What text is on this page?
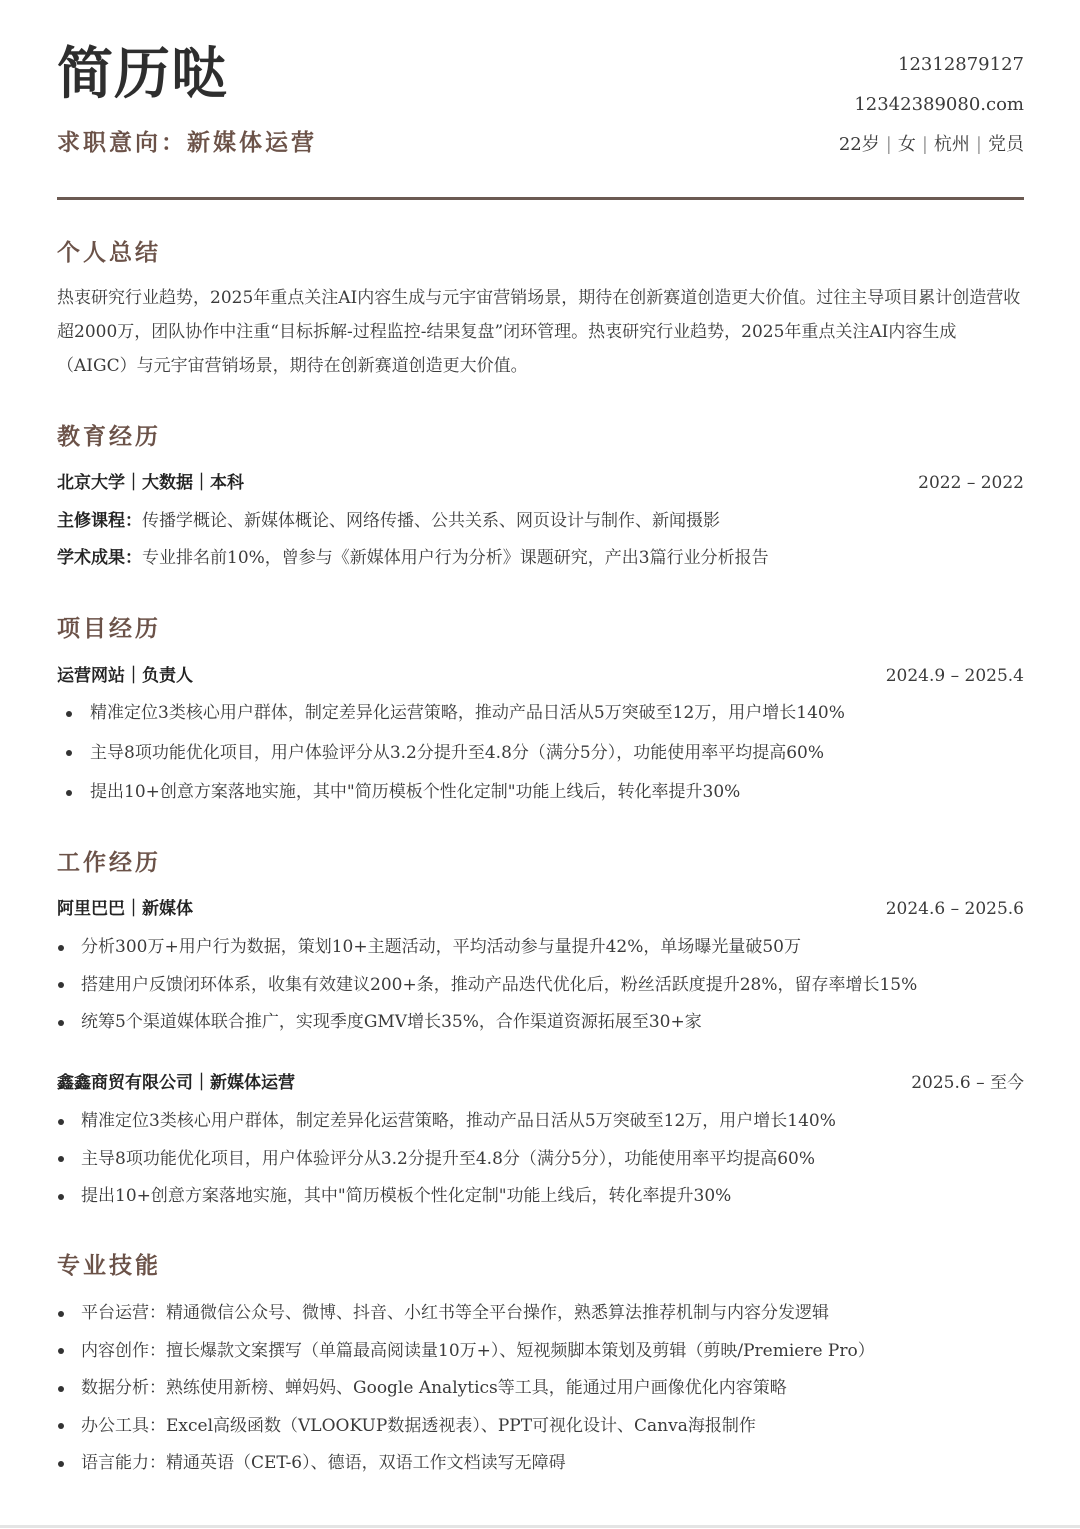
简历哒
求职意向：新媒体运营
12312879127
12342389080.com
22岁 | 女 | 杭州 | 党员
个人总结
热衷研究行业趋势，2025年重点关注AI内容生成与元宇宙营销场景，期待在创新赛道创造更大价值。过往主导项目累计创造营收超2000万，团队协作中注重“目标拆解-过程监控-结果复盘”闭环管理。热衷研究行业趋势，2025年重点关注AI内容生成（AIGC）与元宇宙营销场景，期待在创新赛道创造更大价值。
教育经历
北京大学｜大数据｜本科	2022 – 2022
主修课程：传播学概论、新媒体概论、网络传播、公共关系、网页设计与制作、新闻摄影
学术成果：专业排名前10%，曾参与《新媒体用户行为分析》课题研究，产出3篇行业分析报告
项目经历
运营网站｜负责人	2024.9 – 2025.4
精准定位3类核心用户群体，制定差异化运营策略，推动产品日活从5万突破至12万，用户增长140%
主导8项功能优化项目，用户体验评分从3.2分提升至4.8分（满分5分），功能使用率平均提高60%
提出10+创意方案落地实施，其中"简历模板个性化定制"功能上线后，转化率提升30%
工作经历
阿里巴巴｜新媒体	2024.6 – 2025.6
分析300万+用户行为数据，策划10+主题活动，平均活动参与量提升42%，单场曝光量破50万
搭建用户反馈闭环体系，收集有效建议200+条，推动产品迭代优化后，粉丝活跃度提升28%，留存率增长15%
统筹5个渠道媒体联合推广，实现季度GMV增长35%，合作渠道资源拓展至30+家
鑫鑫商贸有限公司｜新媒体运营	2025.6 – 至今
精准定位3类核心用户群体，制定差异化运营策略，推动产品日活从5万突破至12万，用户增长140%
主导8项功能优化项目，用户体验评分从3.2分提升至4.8分（满分5分），功能使用率平均提高60%
提出10+创意方案落地实施，其中"简历模板个性化定制"功能上线后，转化率提升30%
专业技能
平台运营：精通微信公众号、微博、抖音、小红书等全平台操作，熟悉算法推荐机制与内容分发逻辑
内容创作：擅长爆款文案撰写（单篇最高阅读量10万+）、短视频脚本策划及剪辑（剪映/Premiere Pro）
数据分析：熟练使用新榜、蝉妈妈、Google Analytics等工具，能通过用户画像优化内容策略
办公工具：Excel高级函数（VLOOKUP数据透视表）、PPT可视化设计、Canva海报制作
语言能力：精通英语（CET-6）、德语，双语工作文档读写无障碍
